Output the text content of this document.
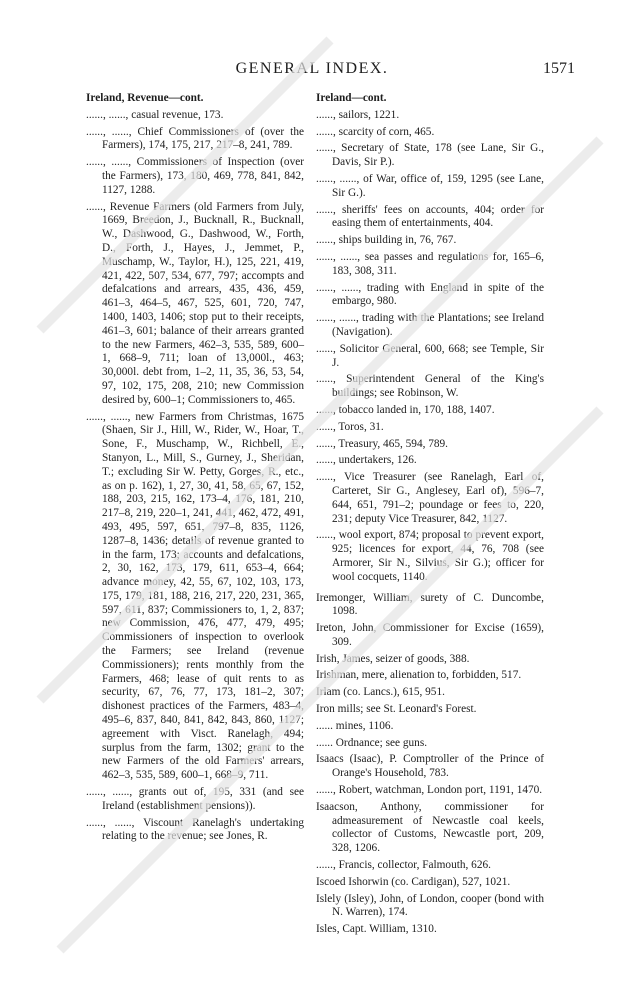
GENERAL INDEX.	1571
Ireland, Revenue—cont.

......, ......, casual revenue, 173.

......, ......, Chief Commissioners of (over the Farmers), 174, 175, 217, 217–8, 241, 789.

......, ......, Commissioners of Inspection (over the Farmers), 173, 180, 469, 778, 841, 842, 1127, 1288.

......, Revenue Farmers (old Farmers from July, 1669, Breedon, J., Bucknall, R., Bucknall, W., Dashwood, G., Dashwood, W., Forth, D., Forth, J., Hayes, J., Jemmet, P., Muschamp, W., Taylor, H.), 125, 221, 419, 421, 422, 507, 534, 677, 797; accompts and defalcations and arrears, 435, 436, 459, 461–3, 464–5, 467, 525, 601, 720, 747, 1400, 1403, 1406; stop put to their receipts, 461–3, 601; balance of their arrears granted to the new Farmers, 462–3, 535, 589, 600–1, 668–9, 711; loan of 13,000l., 463; 30,000l. debt from, 1–2, 11, 35, 36, 53, 54, 97, 102, 175, 208, 210; new Commission desired by, 600–1; Commissioners to, 465.

......, ......, new Farmers from Christmas, 1675 (Shaen, Sir J., Hill, W., Rider, W., Hoar, T., Sone, F., Muschamp, W., Richbell, E., Stanyon, L., Mill, S., Gurney, J., Sheridan, T.; excluding Sir W. Petty, Gorges, R., etc., as on p. 162), 1, 27, 30, 41, 58, 65, 67, 152, 188, 203, 215, 162, 173–4, 176, 181, 210, 217–8, 219, 220–1, 241, 441, 462, 472, 491, 493, 495, 597, 651, 797–8, 835, 1126, 1287–8, 1436; details of revenue granted to in the farm, 173; accounts and defalcations, 2, 30, 162, 173, 179, 611, 653–4, 664; advance money, 42, 55, 67, 102, 103, 173, 175, 179, 181, 188, 216, 217, 220, 231, 365, 597, 611, 837; Commissioners to, 1, 2, 837; new Commission, 476, 477, 479, 495; Commissioners of inspection to overlook the Farmers; see Ireland (revenue Commissioners); rents monthly from the Farmers, 468; lease of quit rents to as security, 67, 76, 77, 173, 181–2, 307; dishonest practices of the Farmers, 483–4, 495–6, 837, 840, 841, 842, 843, 860, 1127; agreement with Visct. Ranelagh, 494; surplus from the farm, 1302; grant to the new Farmers of the old Farmers' arrears, 462–3, 535, 589, 600–1, 668–9, 711.

......, ......, grants out of, 195, 331 (and see Ireland (establishment pensions)).

......, ......, Viscount Ranelagh's undertaking relating to the revenue; see Jones, R.

Ireland—cont.

......, sailors, 1221.

......, scarcity of corn, 465.

......, Secretary of State, 178 (see Lane, Sir G., Davis, Sir P.).

......, ......, of War, office of, 159, 1295 (see Lane, Sir G.).

......, sheriffs' fees on accounts, 404; order for easing them of entertainments, 404.

......, ships building in, 76, 767.

......, ......, sea passes and regulations for, 165–6, 183, 308, 311.

......, ......, trading with England in spite of the embargo, 980.

......, ......, trading with the Plantations; see Ireland (Navigation).

......, Solicitor General, 600, 668; see Temple, Sir J.

......, Superintendent General of the King's buildings; see Robinson, W.

......, tobacco landed in, 170, 188, 1407.

......, Toros, 31.

......, Treasury, 465, 594, 789.

......, undertakers, 126.

......, Vice Treasurer (see Ranelagh, Earl of, Carteret, Sir G., Anglesey, Earl of), 596–7, 644, 651, 791–2; poundage or fees to, 220, 231; deputy Vice Treasurer, 842, 1127.

......, wool export, 874; proposal to prevent export, 925; licences for export, 44, 76, 708 (see Armorer, Sir N., Silvius, Sir G.); officer for wool cocquets, 1140.

Iremonger, William, surety of C. Duncombe, 1098.

Ireton, John, Commissioner for Excise (1659), 309.

Irish, James, seizer of goods, 388.

Irishman, mere, alienation to, forbidden, 517.

Irlam (co. Lancs.), 615, 951.

Iron mills; see St. Leonard's Forest.

...... mines, 1106.

...... Ordnance; see guns.

Isaacs (Isaac), P. Comptroller of the Prince of Orange's Household, 783.

......, Robert, watchman, London port, 1191, 1470.

Isaacson, Anthony, commissioner for admeasurement of Newcastle coal keels, collector of Customs, Newcastle port, 209, 328, 1206.

......, Francis, collector, Falmouth, 626.

Iscoed Ishorwin (co. Cardigan), 527, 1021.

Islely (Isley), John, of London, cooper (bond with N. Warren), 174.

Isles, Capt. William, 1310.
